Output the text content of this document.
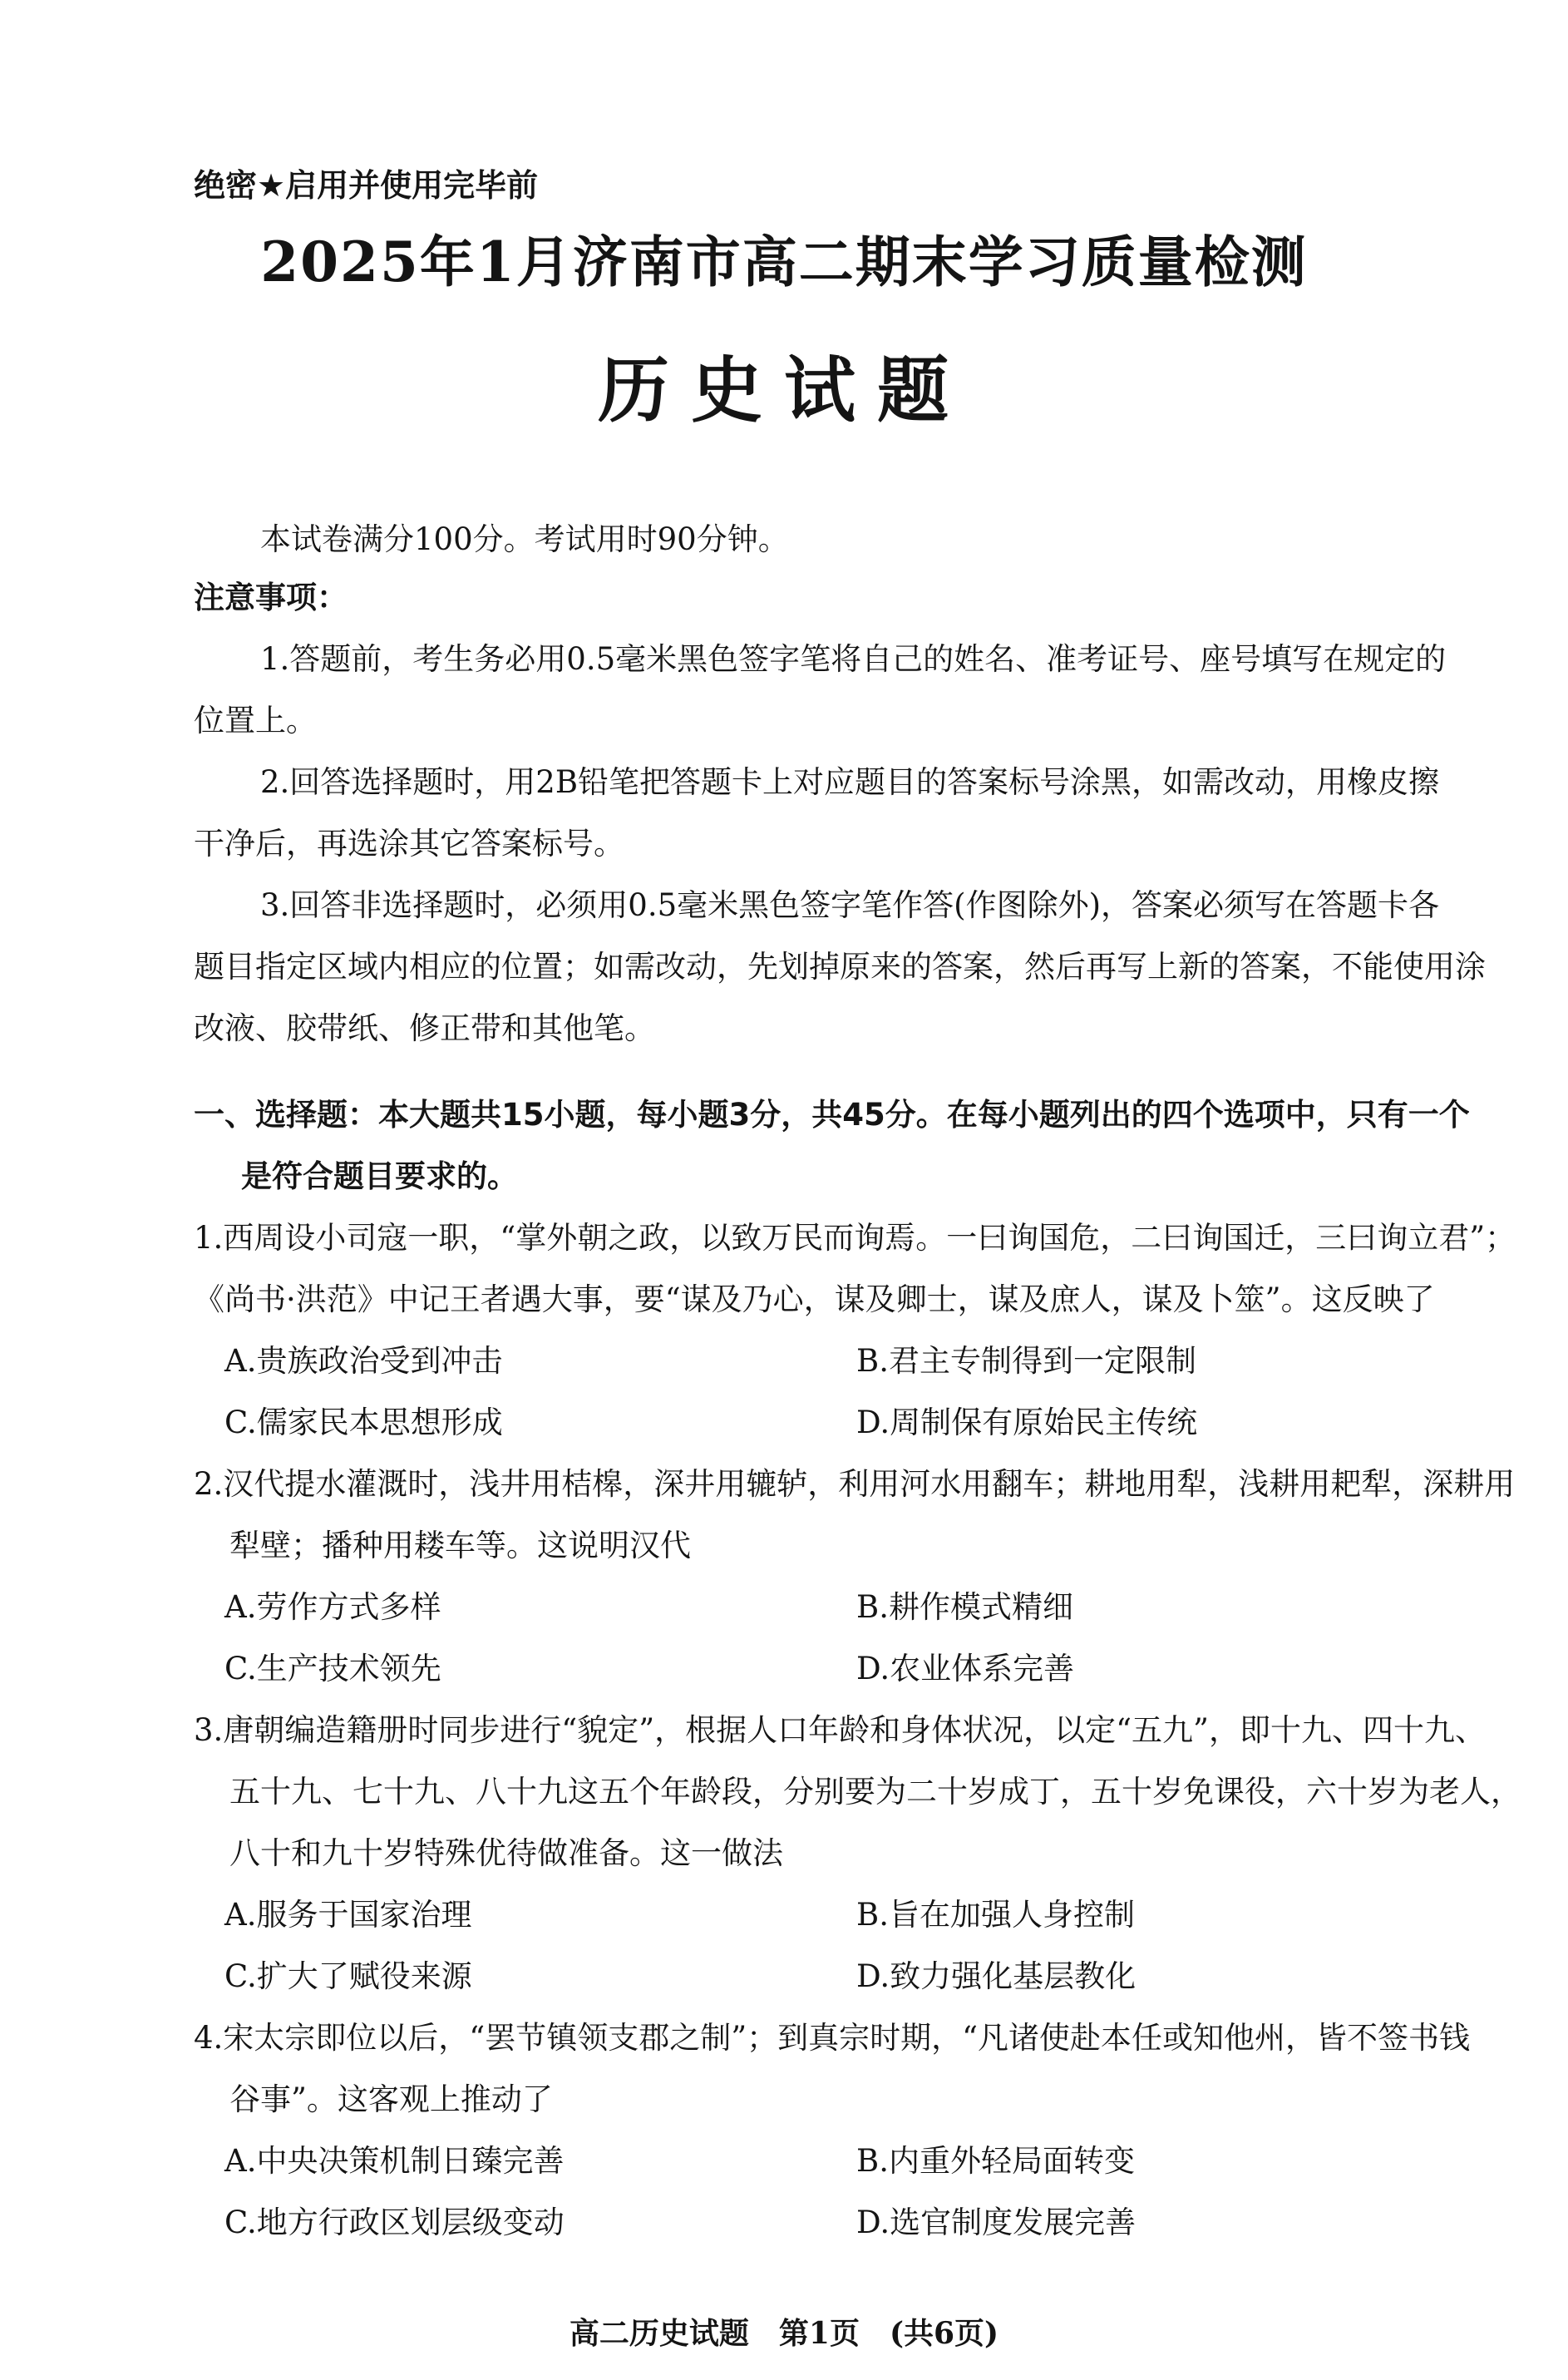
绝密★启用并使用完毕前
2025年1月济南市高二期末学习质量检测
历史试题
本试卷满分100分。考试用时90分钟。
注意事项：
1.答题前，考生务必用0.5毫米黑色签字笔将自己的姓名、准考证号、座号填写在规定的
位置上。
2.回答选择题时，用2B铅笔把答题卡上对应题目的答案标号涂黑，如需改动，用橡皮擦
干净后，再选涂其它答案标号。
3.回答非选择题时，必须用0.5毫米黑色签字笔作答(作图除外)，答案必须写在答题卡各
题目指定区域内相应的位置；如需改动，先划掉原来的答案，然后再写上新的答案，不能使用涂
改液、胶带纸、修正带和其他笔。
一、选择题：本大题共15小题，每小题3分，共45分。在每小题列出的四个选项中，只有一个
是符合题目要求的。
1.西周设小司寇一职，“掌外朝之政，以致万民而询焉。一曰询国危，二曰询国迁，三曰询立君”；
《尚书·洪范》中记王者遇大事，要“谋及乃心，谋及卿士，谋及庶人，谋及卜筮”。这反映了
A.贵族政治受到冲击	B.君主专制得到一定限制
C.儒家民本思想形成	D.周制保有原始民主传统
2.汉代提水灌溉时，浅井用桔槔，深井用辘轳，利用河水用翻车；耕地用犁，浅耕用耙犁，深耕用
犁壁；播种用耧车等。这说明汉代
A.劳作方式多样	B.耕作模式精细
C.生产技术领先	D.农业体系完善
3.唐朝编造籍册时同步进行“貌定”，根据人口年龄和身体状况，以定“五九”，即十九、四十九、
五十九、七十九、八十九这五个年龄段，分别要为二十岁成丁，五十岁免课役，六十岁为老人，
八十和九十岁特殊优待做准备。这一做法
A.服务于国家治理	B.旨在加强人身控制
C.扩大了赋役来源	D.致力强化基层教化
4.宋太宗即位以后，“罢节镇领支郡之制”；到真宗时期，“凡诸使赴本任或知他州，皆不签书钱
谷事”。这客观上推动了
A.中央决策机制日臻完善	B.内重外轻局面转变
C.地方行政区划层级变动	D.选官制度发展完善
高二历史试题　第1页　(共6页)
